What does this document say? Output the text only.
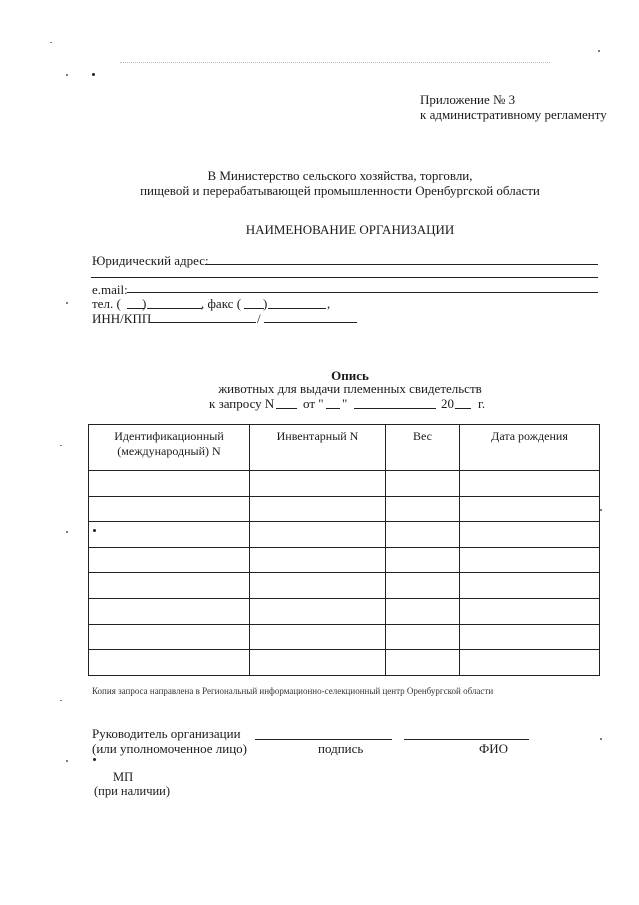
Приложение № 3
к административному регламенту
В Министерство сельского хозяйства, торговли,
пищевой и перерабатывающей промышленности Оренбургской области
НАИМЕНОВАНИЕ ОРГАНИЗАЦИИ
Юридический адрес:
e.mail:
тел. ( )	, факс ( )	,
ИНН/КПП	/
Опись
животных для выдачи племенных свидетельств
к запросу N от " "	20 г.
Идентификационный (международный) N	Инвентарный N	Вес	Дата рождения

Копия запроса направлена в Региональный информационно-селекционный центр Оренбургской области
Руководитель организации
(или уполномоченное лицо)	подпись	ФИО
МП
(при наличии)
